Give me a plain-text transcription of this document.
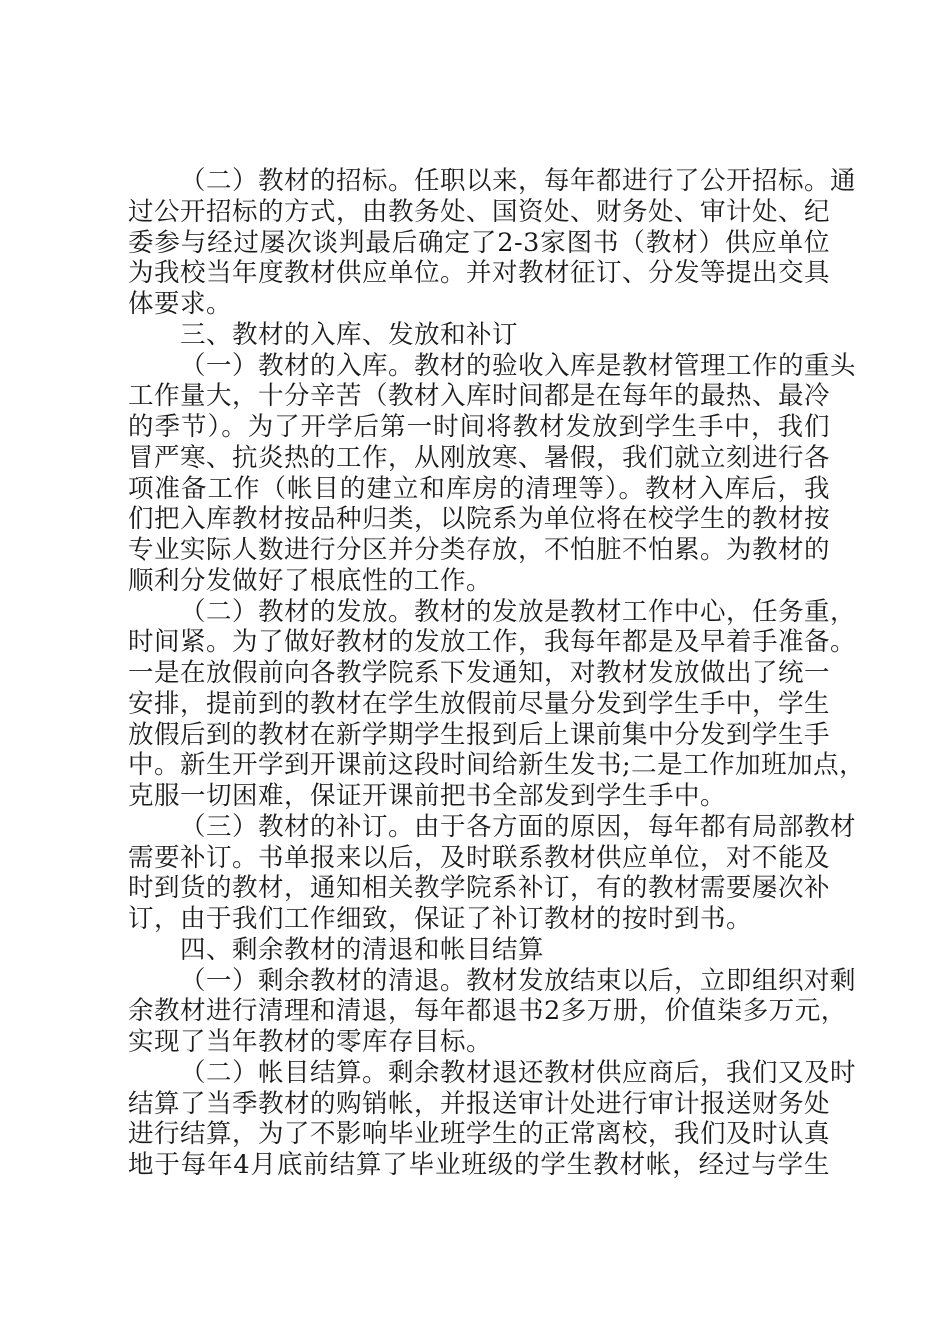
（二）教材的招标。任职以来，每年都进行了公开招标。通
过公开招标的方式，由教务处、国资处、财务处、审计处、纪
委参与经过屡次谈判最后确定了2-3家图书（教材）供应单位
为我校当年度教材供应单位。并对教材征订、分发等提出交具
体要求。
三、教材的入库、发放和补订
（一）教材的入库。教材的验收入库是教材管理工作的重头
工作量大，十分辛苦（教材入库时间都是在每年的最热、最冷
的季节）。为了开学后第一时间将教材发放到学生手中，我们
冒严寒、抗炎热的工作，从刚放寒、暑假，我们就立刻进行各
项准备工作（帐目的建立和库房的清理等）。教材入库后，我
们把入库教材按品种归类，以院系为单位将在校学生的教材按
专业实际人数进行分区并分类存放，不怕脏不怕累。为教材的
顺利分发做好了根底性的工作。
（二）教材的发放。教材的发放是教材工作中心，任务重，
时间紧。为了做好教材的发放工作，我每年都是及早着手准备。
一是在放假前向各教学院系下发通知，对教材发放做出了统一
安排，提前到的教材在学生放假前尽量分发到学生手中，学生
放假后到的教材在新学期学生报到后上课前集中分发到学生手
中。新生开学到开课前这段时间给新生发书;二是工作加班加点，
克服一切困难，保证开课前把书全部发到学生手中。
（三）教材的补订。由于各方面的原因，每年都有局部教材
需要补订。书单报来以后，及时联系教材供应单位，对不能及
时到货的教材，通知相关教学院系补订，有的教材需要屡次补
订，由于我们工作细致，保证了补订教材的按时到书。
四、剩余教材的清退和帐目结算
（一）剩余教材的清退。教材发放结束以后，立即组织对剩
余教材进行清理和清退，每年都退书2多万册，价值柒多万元，
实现了当年教材的零库存目标。
（二）帐目结算。剩余教材退还教材供应商后，我们又及时
结算了当季教材的购销帐，并报送审计处进行审计报送财务处
进行结算，为了不影响毕业班学生的正常离校，我们及时认真
地于每年4月底前结算了毕业班级的学生教材帐，经过与学生
